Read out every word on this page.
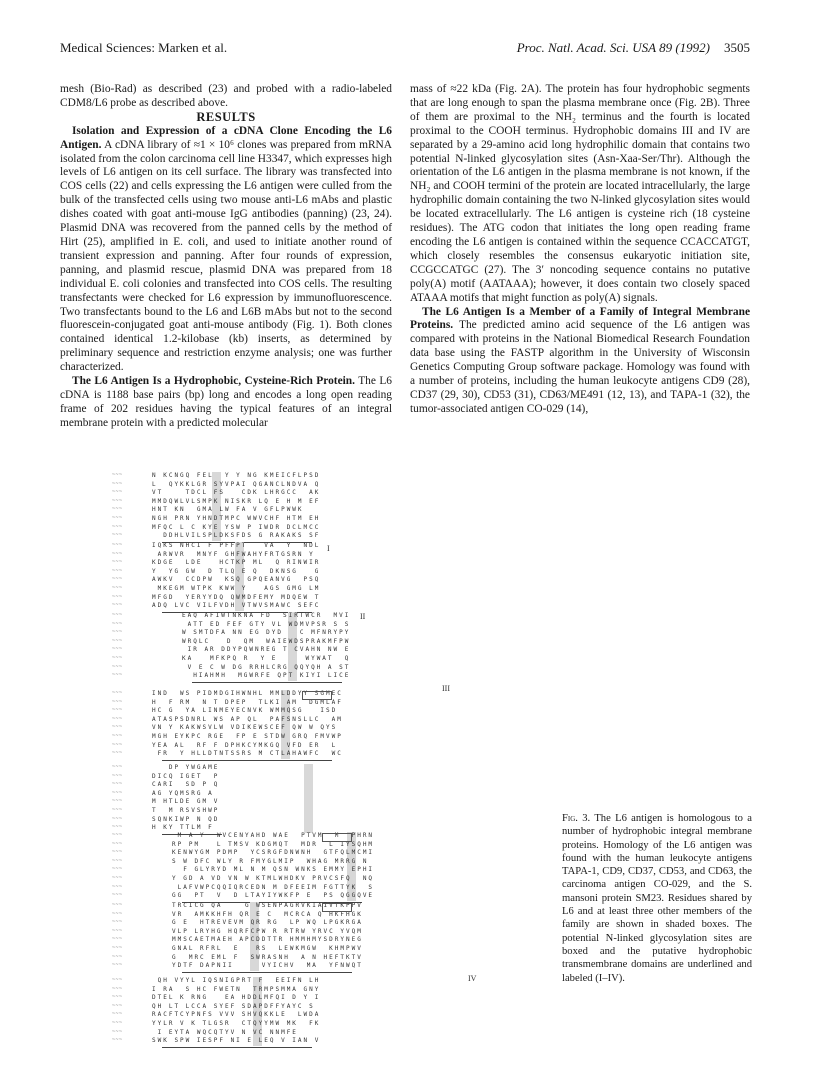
Medical Sciences: Marken et al.	Proc. Natl. Acad. Sci. USA 89 (1992) 3505

mesh (Bio-Rad) as described (23) and probed with a radio-labeled CDM8/L6 probe as described above.

RESULTS

Isolation and Expression of a cDNA Clone Encoding the L6 Antigen. A cDNA library of ≈1 × 10⁶ clones was prepared from mRNA isolated from the colon carcinoma cell line H3347, which expresses high levels of L6 antigen on its cell surface. The library was transfected into COS cells (22) and cells expressing the L6 antigen were culled from the bulk of the transfected cells using two mouse anti-L6 mAbs and plastic dishes coated with goat anti-mouse IgG antibodies (panning) (23, 24). Plasmid DNA was recovered from the panned cells by the method of Hirt (25), amplified in E. coli, and used to initiate another round of transient expression and panning. After four rounds of expression, panning, and plasmid rescue, plasmid DNA was prepared from 18 individual E. coli colonies and transfected into COS cells. The resulting transfectants were checked for L6 expression by immunofluorescence. Two transfectants bound to the L6 and L6B mAbs but not to the second fluorescein-conjugated goat anti-mouse antibody (Fig. 1). Both clones contained identical 1.2-kilobase (kb) inserts, as determined by preliminary sequence and restriction enzyme analysis; one was further characterized.

The L6 Antigen Is a Hydrophobic, Cysteine-Rich Protein. The L6 cDNA is 1188 base pairs (bp) long and encodes a long open reading frame of 202 residues having the typical features of an integral membrane protein with a predicted molecular

mass of ≈22 kDa (Fig. 2A). The protein has four hydrophobic segments that are long enough to span the plasma membrane once (Fig. 2B). Three of them are proximal to the NH₂ terminus and the fourth is located proximal to the COOH terminus. Hydrophobic domains III and IV are separated by a 29-amino acid long hydrophilic domain that contains two potential N-linked glycosylation sites (Asn-Xaa-Ser/Thr). Although the orientation of the L6 antigen in the plasma membrane is not known, if the NH₂ and COOH termini of the protein are located intracellularly, the large hydrophilic domain containing the two N-linked glycosylation sites would be located extracellularly. The L6 antigen is cysteine rich (18 cysteine residues). The ATG codon that initiates the long open reading frame encoding the L6 antigen is contained within the sequence CCACCATGT, which closely resembles the consensus eukaryotic initiation site, CCGCCATGC (27). The 3′ noncoding sequence contains no putative poly(A) motif (AATAAA); however, it does contain two closely spaced ATAAA motifs that might function as poly(A) signals.

The L6 Antigen Is a Member of a Family of Integral Membrane Proteins. The predicted amino acid sequence of the L6 antigen was compared with proteins in the National Biomedical Research Foundation data base using the FASTP algorithm in the University of Wisconsin Genetics Computing Group software package. Homology was found with a number of proteins, including the human leukocyte antigens CD9 (28), CD37 (29, 30), CD53 (31), CD63/ME491 (12, 13), and TAPA-1 (32), the tumor-associated antigen CO-029 (14),

~~~	N KCNGQ FEL  Y Y NG KMEICFLPSD
~~~	L  QYKKLGR SYVPAI QGANCLNDVA Q
~~~	VT    TDCL FS   CDK LHRGCC  AK
~~~	MMDQWLVLSMPK NISKR LQ E H M EF
~~~	HNT KN  GMA LW FA V GFLPWWK
~~~	NGH PRN YHNDTMPC WWVCHF HTM EH
~~~	MFQC L C KYE YSW P IWDR DCLMCC
~~~	DDHLVILSPLDKSFDS G RAKAKS SF
I
~~~	IQKS NHCI F PFFPT   VA  Y  NDL
~~~	ARWVR  MNYF GHFWAHYFRTGSRN Y
~~~	KDGE  LDE   HCTKP ML  Q RINWIR
~~~	Y  YG GW  D TLQ E Q  DKNSG   G
~~~	AWKV  CCDPW  KSQ GPQEANVG  PSQ
~~~	MKEGM WTPK KWW Y   AGS GMG LM
~~~	MFGD  YERYYDQ QWMDFEMY MDQEW T
~~~	ADQ LVC VILFVDH VTWVSMAWC SEFC
II
~~~	EAQ AFIWTNKNA FD  SIRTWCR  MVI
~~~	ATT ED FEF GTY VL WDMVPSR S S
~~~	W SMTDFA NN EG DYD   C MFNRYPY
~~~	WRQLC   D  QM  WAIEWDSPRAKMFPW
~~~	IR AR DDYPQWNREG T CVAHN NW E
~~~	KA   MFKPQ R  Y E     WYWAT  Q
~~~	V E C W DG RRHLCRG QQYQH A ST
~~~	HIAHMH  MGWRFE QPT KIYI LICE
III
~~~	IND  WS PIDMDGIHWNHL MMLDDYY SGMEC
~~~	H  F RM  N T DPEP  TLKI AM  DGMLAF
~~~	HC G  YA LINMEYECNVK WMMQSG   ISD
~~~	ATASPSDNRL WS AP QL  PAFSNSLLC  AM
~~~	VN Y KAKWSVLW VDIKEWSCEF QW W QYS
~~~	MGH EYKPC RGE  FP E STDW GRQ FMVWP
~~~	YEA AL  RF F DPHKCYMKGQ VFD ER  L
~~~	FR  Y HLLDTNTSSRS M CTLAHAWFC  WC
~~~	DP YWGAME
~~~	DICQ IGET  P
~~~	CARI  SD P Q
~~~	AG YQMSRG A
~~~	M HTLDE GM V
~~~	T  M RSVSHWP
~~~	SQNKIWP N QD
~~~	H KY TTLM F
~~~	M A Y  WVCENYAHD WAE  PTVM  M  PHRN
~~~	RP PM   L TMSV KDGMQT  MDR  L IYSQHM
~~~	KENWYGM PDMP  YCSRGFDNWNH  GTFQLMCMI
~~~	S W DFC WLY R FMYGLMIP  WHAG MRRG N
~~~	F GLYRYD ML N M QSN WNKS EMMY EPHI
~~~	Y GD A VD VN W KTMLWHDKV PRVCSFQ  NQ
~~~	LAFVWPCQQIQRCEDN M DFEEIM FGTTYK  S
~~~	GG  PT  V  D LTAYIYWKFP E  PS QGGQVE
~~~	TRCICG QA    G WSENPAGRVKIAIVTKPPV
~~~	VR  AMKKHFH QR E C  MCRCA Q HKFHGK
~~~	G E  HTREVEVM QR RG  LP WQ LPGKRGA
~~~	VLP LRYHG HQRFCPW R RTRW YRVC YVQM
~~~	MMSCAETMAEH APCDDTTR HMMHMYSDRYNEG
~~~	GNAL RFRL  E   RS  LEWKMGW  KHMPWV
~~~	G  MRC EML F  SWRASNH  A N HEFTKTV
~~~	YDTF DAPNII     VYICHV  MA  YFNWQT
IV
~~~	QH VYYL IQSNIGPRT F  EEIFN LH
~~~	I RA  S HC FWETN  TRMPSMMA GNY
~~~	DTEL K RNG   EA HDDLMFQI D Y I
~~~	QH LT LCCA SYEF SDAPDFFYAYC S
~~~	RACFTCYPNFS VVV SHVQKKLE  LWDA
~~~	YYLR V K TLGSR  CTQYYMW MK  FK
~~~	I EYTA WQCQTYV N VC NNMFE
~~~	SWK SPW IESPF NI E LEQ V IAN V
Fig. 3. The L6 antigen is homologous to a number of hydrophobic integral membrane proteins. Homology of the L6 antigen was found with the human leukocyte antigens TAPA-1, CD9, CD37, CD53, and CD63, the carcinoma antigen CO-029, and the S. mansoni protein SM23. Residues shared by L6 and at least three other members of the family are shown in shaded boxes. The potential N-linked glycosylation sites are boxed and the putative hydrophobic transmembrane domains are underlined and labeled (I–IV).
